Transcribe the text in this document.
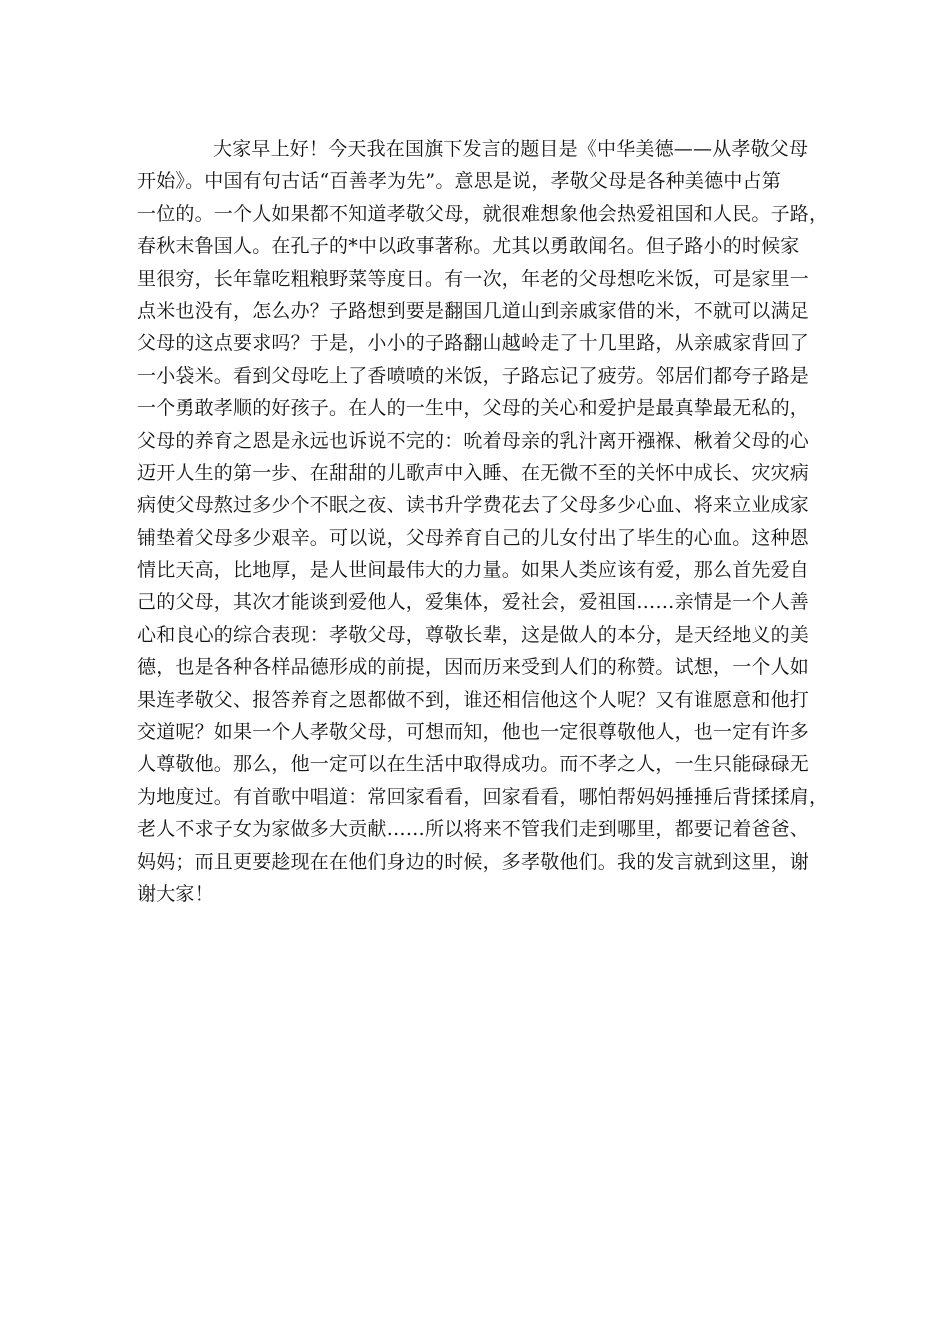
大家早上好！今天我在国旗下发言的题目是《中华美德——从孝敬父母
开始》。中国有句古话“百善孝为先”。意思是说，孝敬父母是各种美德中占第
一位的。一个人如果都不知道孝敬父母，就很难想象他会热爱祖国和人民。子路，
春秋末鲁国人。在孔子的*中以政事著称。尤其以勇敢闻名。但子路小的时候家
里很穷，长年靠吃粗粮野菜等度日。有一次，年老的父母想吃米饭，可是家里一
点米也没有，怎么办？子路想到要是翻国几道山到亲戚家借的米，不就可以满足
父母的这点要求吗？于是，小小的子路翻山越岭走了十几里路，从亲戚家背回了
一小袋米。看到父母吃上了香喷喷的米饭，子路忘记了疲劳。邻居们都夸子路是
一个勇敢孝顺的好孩子。在人的一生中，父母的关心和爱护是最真挚最无私的，
父母的养育之恩是永远也诉说不完的：吮着母亲的乳汁离开襁褓、楸着父母的心
迈开人生的第一步、在甜甜的儿歌声中入睡、在无微不至的关怀中成长、灾灾病
病使父母熬过多少个不眠之夜、读书升学费花去了父母多少心血、将来立业成家
铺垫着父母多少艰辛。可以说，父母养育自己的儿女付出了毕生的心血。这种恩
情比天高，比地厚，是人世间最伟大的力量。如果人类应该有爱，那么首先爱自
己的父母，其次才能谈到爱他人，爱集体，爱社会，爱祖国……亲情是一个人善
心和良心的综合表现：孝敬父母，尊敬长辈，这是做人的本分，是天经地义的美
德，也是各种各样品德形成的前提，因而历来受到人们的称赞。试想，一个人如
果连孝敬父、报答养育之恩都做不到，谁还相信他这个人呢？又有谁愿意和他打
交道呢？如果一个人孝敬父母，可想而知，他也一定很尊敬他人，也一定有许多
人尊敬他。那么，他一定可以在生活中取得成功。而不孝之人，一生只能碌碌无
为地度过。有首歌中唱道：常回家看看，回家看看，哪怕帮妈妈捶捶后背揉揉肩，
老人不求子女为家做多大贡献……所以将来不管我们走到哪里，都要记着爸爸、
妈妈；而且更要趁现在在他们身边的时候，多孝敬他们。我的发言就到这里，谢
谢大家！
